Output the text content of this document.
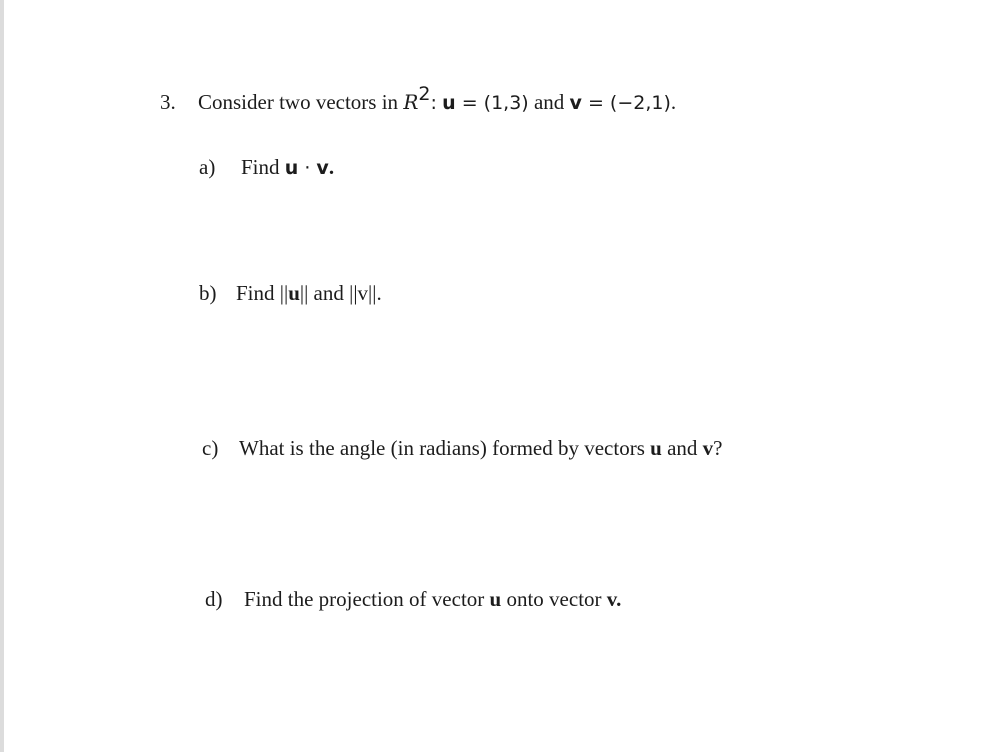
3. Consider two vectors in $R^2$: u = (1,3) and v = (−2,1).
a) Find u · v.
b) Find ||u|| and ||v||.
c) What is the angle (in radians) formed by vectors u and v?
d) Find the projection of vector u onto vector v.
